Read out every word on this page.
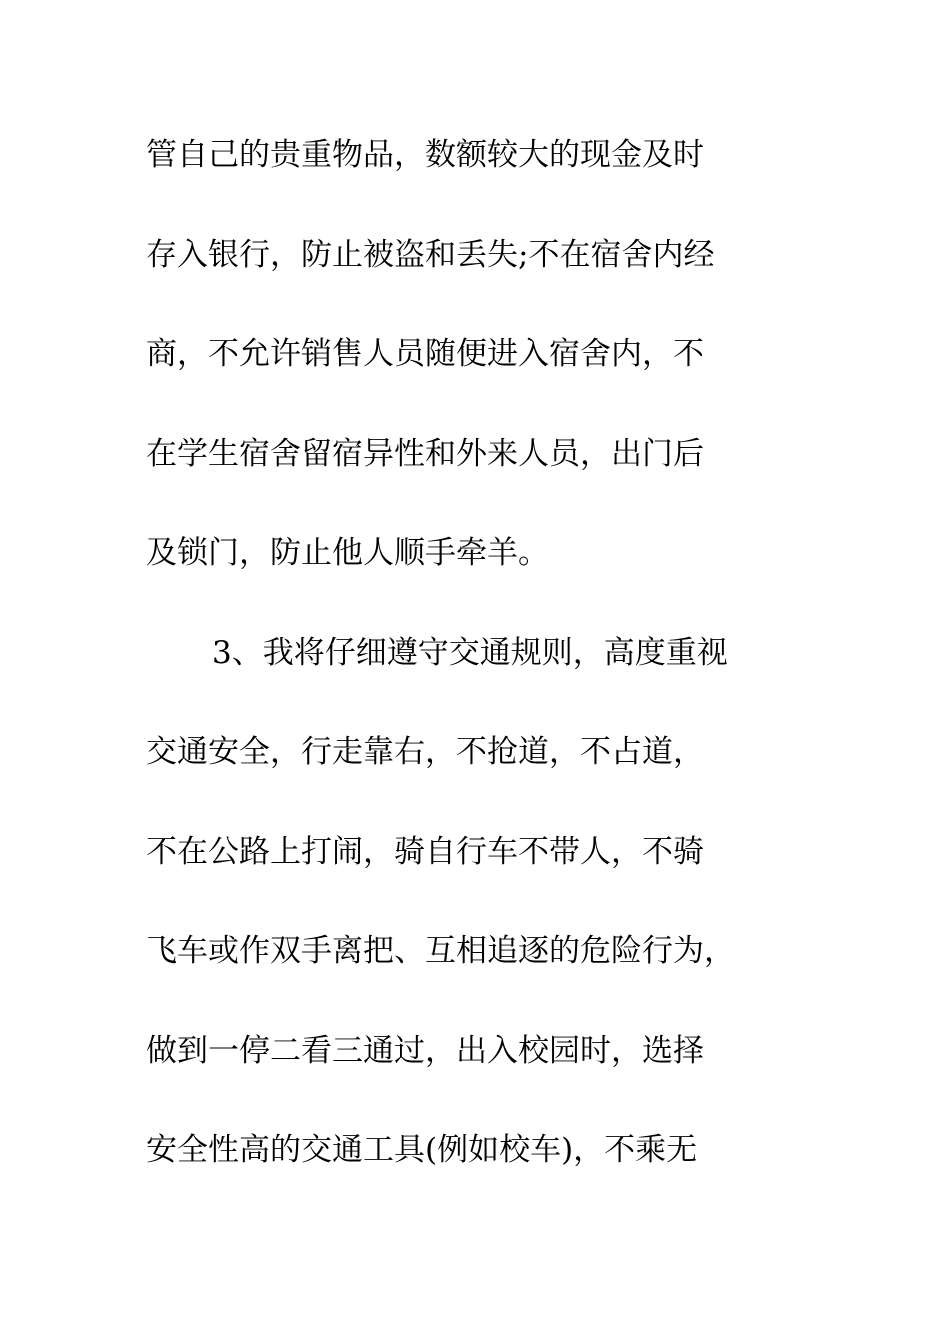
管自己的贵重物品，数额较大的现金及时
存入银行，防止被盗和丢失;不在宿舍内经
商，不允许销售人员随便进入宿舍内，不
在学生宿舍留宿异性和外来人员，出门后
及锁门，防止他人顺手牵羊。
3、我将仔细遵守交通规则，高度重视
交通安全，行走靠右，不抢道，不占道，
不在公路上打闹，骑自行车不带人，不骑
飞车或作双手离把、互相追逐的危险行为，
做到一停二看三通过，出入校园时，选择
安全性高的交通工具(例如校车)，不乘无
